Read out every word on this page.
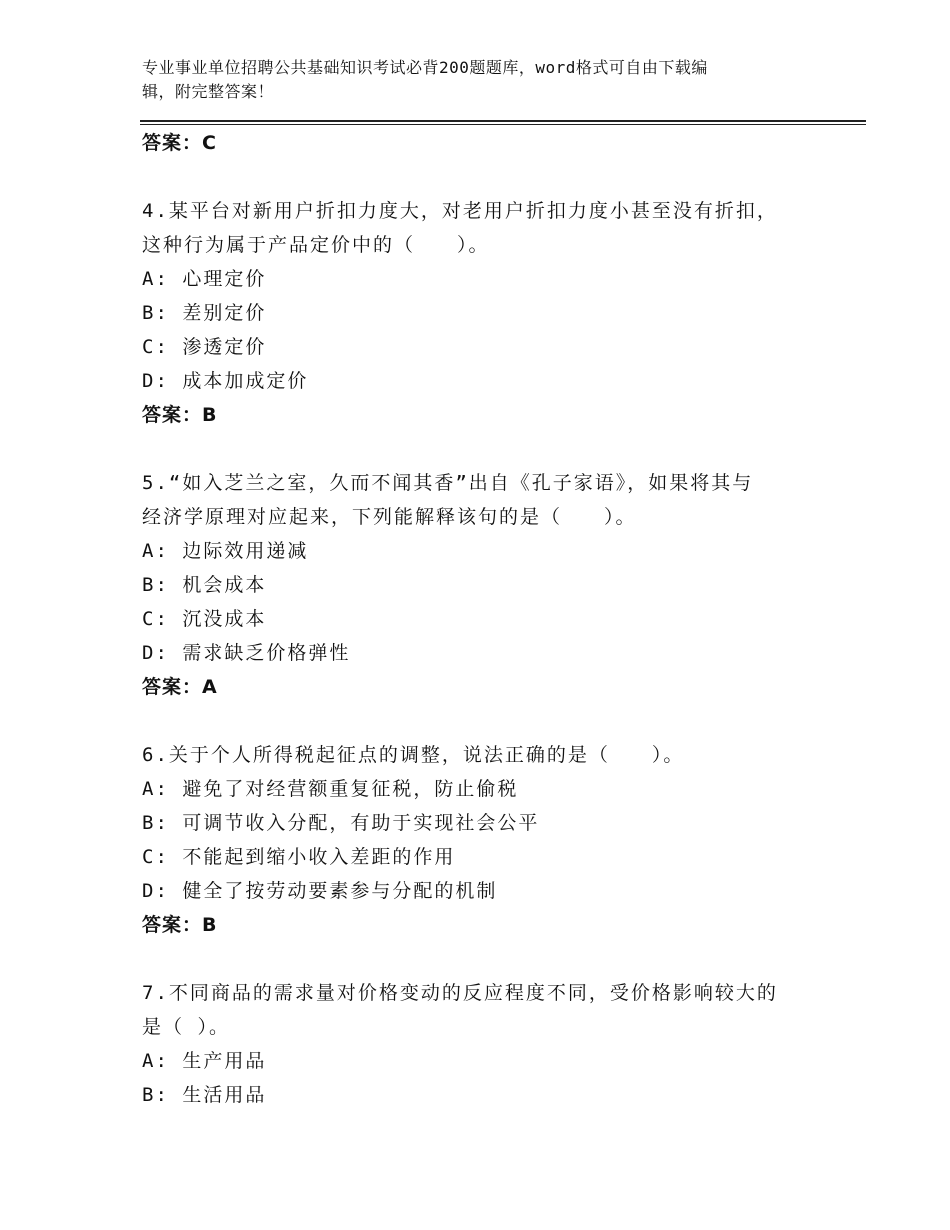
专业事业单位招聘公共基础知识考试必背200题题库，word格式可自由下载编
辑，附完整答案！
答案：C
4.某平台对新用户折扣力度大，对老用户折扣力度小甚至没有折扣，
这种行为属于产品定价中的（　　）。
A: 心理定价
B: 差别定价
C: 渗透定价
D: 成本加成定价
答案：B
5.“如入芝兰之室，久而不闻其香”出自《孔子家语》，如果将其与
经济学原理对应起来，下列能解释该句的是（　　）。
A: 边际效用递减
B: 机会成本
C: 沉没成本
D: 需求缺乏价格弹性
答案：A
6.关于个人所得税起征点的调整，说法正确的是（　　）。
A: 避免了对经营额重复征税，防止偷税
B: 可调节收入分配，有助于实现社会公平
C: 不能起到缩小收入差距的作用
D: 健全了按劳动要素参与分配的机制
答案：B
7.不同商品的需求量对价格变动的反应程度不同，受价格影响较大的
是（ ）。
A: 生产用品
B: 生活用品
